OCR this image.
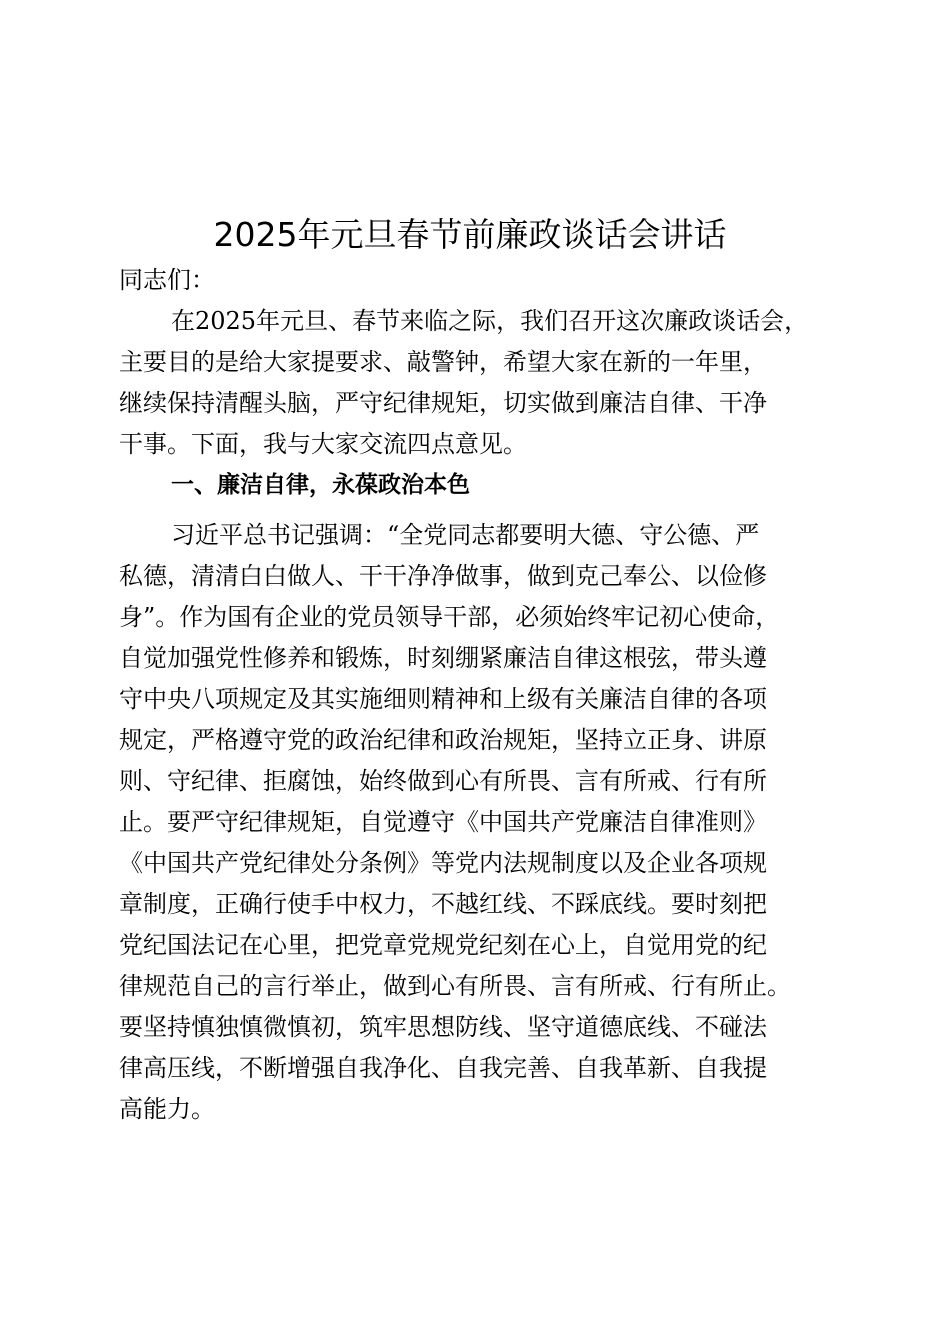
2025年元旦春节前廉政谈话会讲话
同志们：
在2025年元旦、春节来临之际，我们召开这次廉政谈话会，
主要目的是给大家提要求、敲警钟，希望大家在新的一年里，
继续保持清醒头脑，严守纪律规矩，切实做到廉洁自律、干净
干事。下面，我与大家交流四点意见。
一、廉洁自律，永葆政治本色
习近平总书记强调：“全党同志都要明大德、守公德、严
私德，清清白白做人、干干净净做事，做到克己奉公、以俭修
身”。作为国有企业的党员领导干部，必须始终牢记初心使命，
自觉加强党性修养和锻炼，时刻绷紧廉洁自律这根弦，带头遵
守中央八项规定及其实施细则精神和上级有关廉洁自律的各项
规定，严格遵守党的政治纪律和政治规矩，坚持立正身、讲原
则、守纪律、拒腐蚀，始终做到心有所畏、言有所戒、行有所
止。要严守纪律规矩，自觉遵守《中国共产党廉洁自律准则》
《中国共产党纪律处分条例》等党内法规制度以及企业各项规
章制度，正确行使手中权力，不越红线、不踩底线。要时刻把
党纪国法记在心里，把党章党规党纪刻在心上，自觉用党的纪
律规范自己的言行举止，做到心有所畏、言有所戒、行有所止。
要坚持慎独慎微慎初，筑牢思想防线、坚守道德底线、不碰法
律高压线，不断增强自我净化、自我完善、自我革新、自我提
高能力。
